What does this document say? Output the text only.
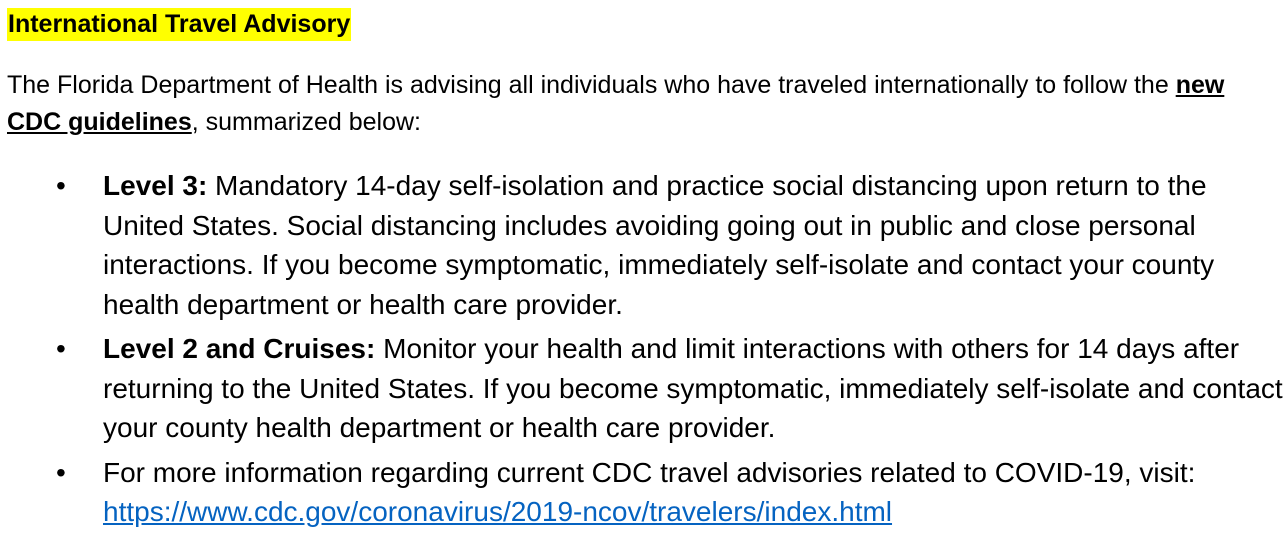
International Travel Advisory

The Florida Department of Health is advising all individuals who have traveled internationally to follow the new CDC guidelines, summarized below:

• Level 3: Mandatory 14-day self-isolation and practice social distancing upon return to the United States. Social distancing includes avoiding going out in public and close personal interactions. If you become symptomatic, immediately self-isolate and contact your county health department or health care provider.
• Level 2 and Cruises: Monitor your health and limit interactions with others for 14 days after returning to the United States. If you become symptomatic, immediately self-isolate and contact your county health department or health care provider.
• For more information regarding current CDC travel advisories related to COVID-19, visit: https://www.cdc.gov/coronavirus/2019-ncov/travelers/index.html
